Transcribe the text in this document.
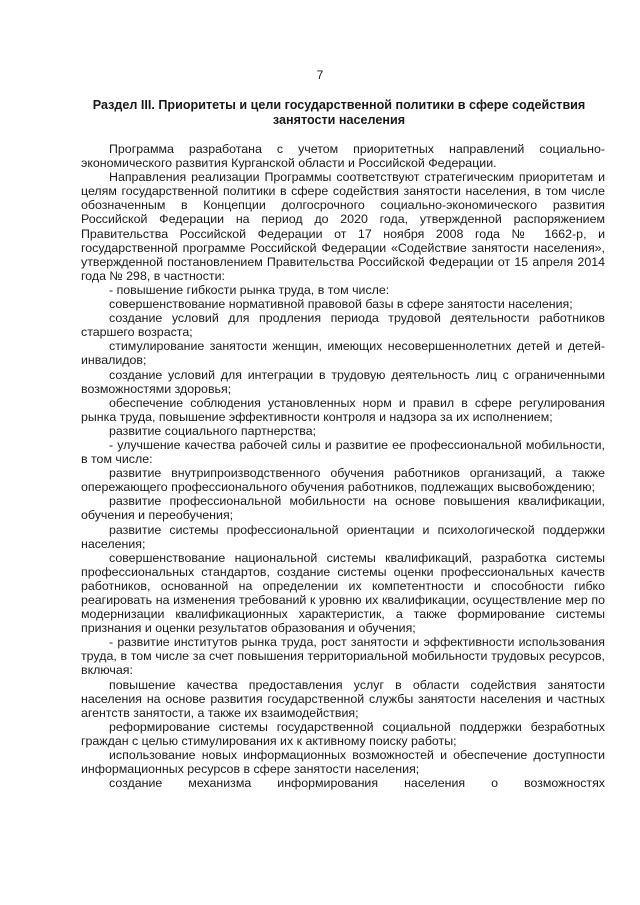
7
Раздел III. Приоритеты и цели государственной политики в сфере содействия занятости населения

Программа разработана с учетом приоритетных направлений социально-экономического развития Курганской области и Российской Федерации.

Направления реализации Программы соответствуют стратегическим приоритетам и целям государственной политики в сфере содействия занятости населения, в том числе обозначенным в Концепции долгосрочного социально-экономического развития Российской Федерации на период до 2020 года, утвержденной распоряжением Правительства Российской Федерации от 17 ноября 2008 года № 1662-р, и государственной программе Российской Федерации «Содействие занятости населения», утвержденной постановлением Правительства Российской Федерации от 15 апреля 2014 года № 298, в частности:

- повышение гибкости рынка труда, в том числе:

совершенствование нормативной правовой базы в сфере занятости населения;

создание условий для продления периода трудовой деятельности работников старшего возраста;

стимулирование занятости женщин, имеющих несовершеннолетних детей и детей-инвалидов;

создание условий для интеграции в трудовую деятельность лиц с ограниченными возможностями здоровья;

обеспечение соблюдения установленных норм и правил в сфере регулирования рынка труда, повышение эффективности контроля и надзора за их исполнением;

развитие социального партнерства;

- улучшение качества рабочей силы и развитие ее профессиональной мобильности, в том числе:

развитие внутрипроизводственного обучения работников организаций, а также опережающего профессионального обучения работников, подлежащих высвобождению;

развитие профессиональной мобильности на основе повышения квалификации, обучения и переобучения;

развитие системы профессиональной ориентации и психологической поддержки населения;

совершенствование национальной системы квалификаций, разработка системы профессиональных стандартов, создание системы оценки профессиональных качеств работников, основанной на определении их компетентности и способности гибко реагировать на изменения требований к уровню их квалификации, осуществление мер по модернизации квалификационных характеристик, а также формирование системы признания и оценки результатов образования и обучения;

- развитие институтов рынка труда, рост занятости и эффективности использования труда, в том числе за счет повышения территориальной мобильности трудовых ресурсов, включая:

повышение качества предоставления услуг в области содействия занятости населения на основе развития государственной службы занятости населения и частных агентств занятости, а также их взаимодействия;

реформирование системы государственной социальной поддержки безработных граждан с целью стимулирования их к активному поиску работы;

использование новых информационных возможностей и обеспечение доступности информационных ресурсов в сфере занятости населения;

создание механизма информирования населения о возможностях
